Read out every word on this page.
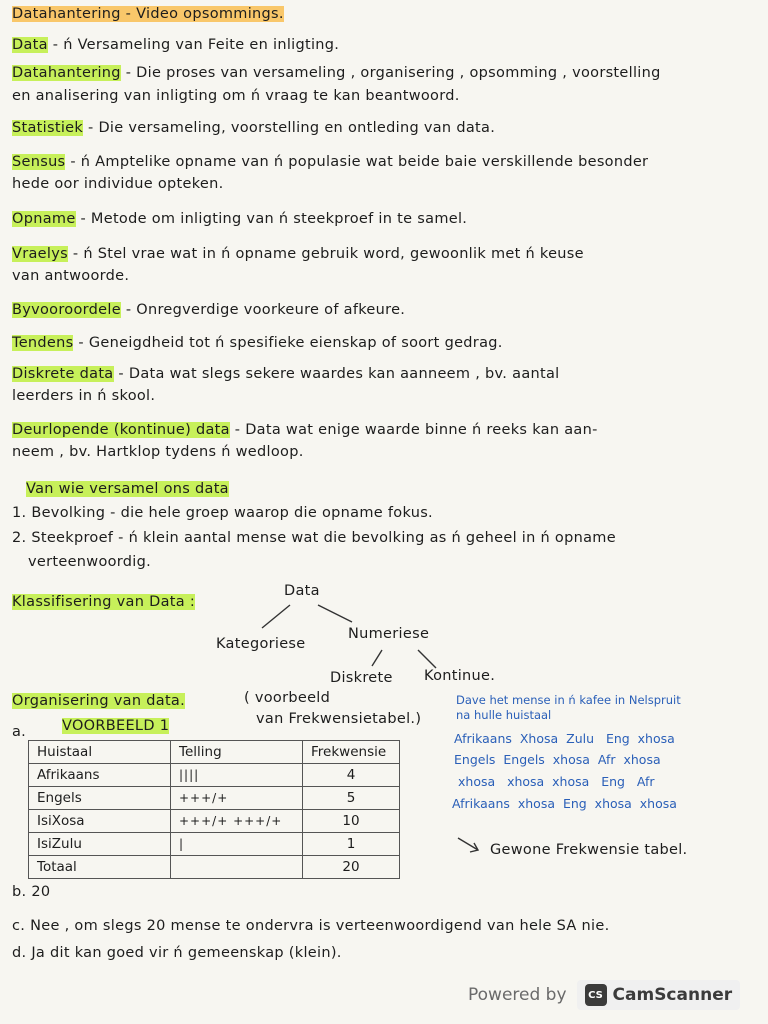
Datahantering - Video opsommings.
Data - ń Versameling van Feite en inligting.
Datahantering - Die proses van versameling , organisering , opsomming , voorstelling
en analisering van inligting om ń vraag te kan beantwoord.
Statistiek - Die versameling, voorstelling en ontleding van data.
Sensus - ń Amptelike opname van ń populasie wat beide baie verskillende besonder
hede oor individue opteken.
Opname - Metode om inligting van ń steekproef in te samel.
Vraelys - ń Stel vrae wat in ń opname gebruik word, gewoonlik met ń keuse
van antwoorde.
Byvooroordele - Onregverdige voorkeure of afkeure.
Tendens - Geneigdheid tot ń spesifieke eienskap of soort gedrag.
Diskrete data - Data wat slegs sekere waardes kan aanneem , bv. aantal
leerders in ń skool.
Deurlopende (kontinue) data - Data wat enige waarde binne ń reeks kan aan-
neem , bv. Hartklop tydens ń wedloop.
Van wie versamel ons data
1. Bevolking - die hele groep waarop die opname fokus.
2. Steekproef - ń klein aantal mense wat die bevolking as ń geheel in ń opname
verteenwoordig.
Klassifisering van Data :
Data
Kategoriese
Numeriese
Diskrete Kontinue.
Organisering van data.	( voorbeeld
van Frekwensietabel.)
a. VOORBEELD 1
Huistaal	Telling	Frekwensie
Afrikaans	||||	4
Engels	+++/+	5
IsiXosa	+++/+ +++/+	10
IsiZulu	|	1
Totaal		20
Dave het mense in ń kafee in Nelspruit
na hulle huistaal
Afrikaans Xhosa Zulu Eng xhosa
Engels Engels xhosa Afr xhosa
xhosa xhosa xhosa Eng Afr
Afrikaans xhosa Eng xhosa xhosa
Gewone Frekwensie tabel.
b. 20
c. Nee , om slegs 20 mense te ondervra is verteenwoordigend van hele SA nie.
d. Ja dit kan goed vir ń gemeenskap (klein).
Powered by	CS CamScanner
